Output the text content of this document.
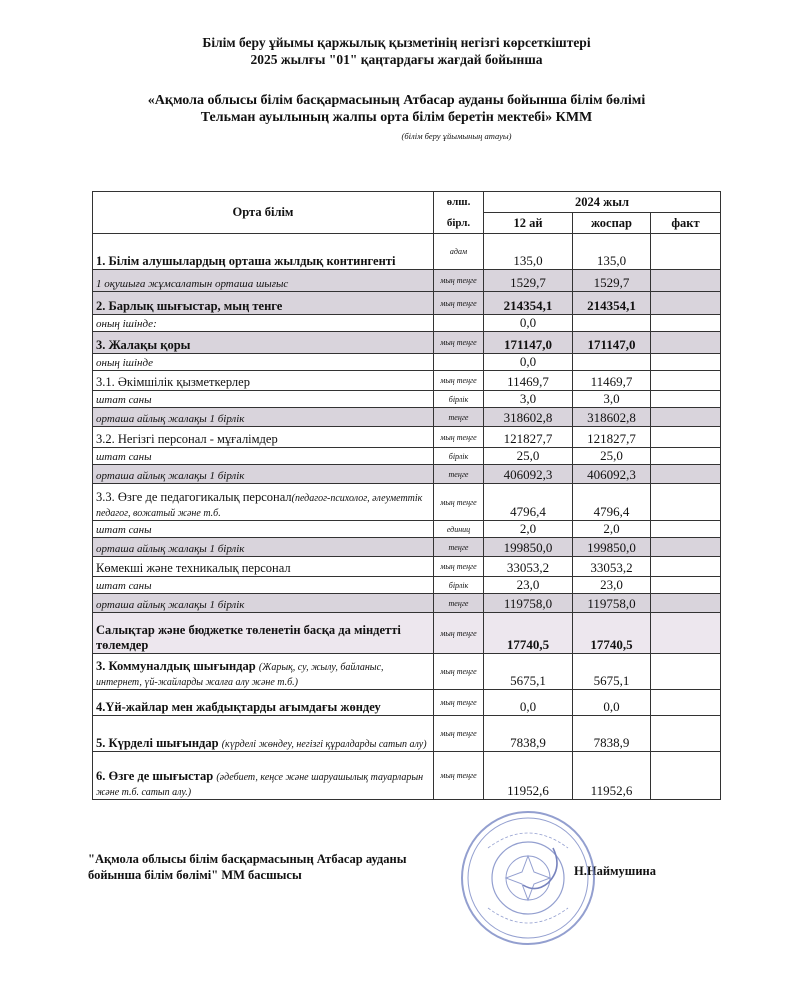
Білім беру ұйымы қаржылық қызметінің негізгі көрсеткіштері
2025 жылғы "01" қаңтардағы жағдай бойынша
«Ақмола облысы білім басқармасының Атбасар ауданы бойынша білім бөлімі
Тельман ауылының жалпы орта білім беретін мектебі» КММ
(білім беру ұйымының атауы)
Орта білім	өлш.	2024 жыл		
	бірл.	12 ай	жоспар	факт
1. Білім алушылардың орташа жылдық контингенті	адам	135,0	135,0	
1 оқушыға жұмсалатын орташа шығыс	мың теңге	1529,7	1529,7	
2. Барлық шығыстар, мың тенге	мың теңге	214354,1	214354,1	
оның ішінде:		0,0		
3. Жалақы қоры	мың теңге	171147,0	171147,0	
оның ішінде		0,0		
3.1. Әкімшілік қызметкерлер	мың теңге	11469,7	11469,7	
штат саны	бірлік	3,0	3,0	
орташа айлық жалақы 1 бірлік	теңге	318602,8	318602,8	
3.2. Негізгі персонал - мұғалімдер	мың теңге	121827,7	121827,7	
штат саны	бірлік	25,0	25,0	
орташа айлық жалақы 1 бірлік	теңге	406092,3	406092,3	
3.3. Өзге де педагогикалық персонал(педагог-психолог, әлеуметтік педагог, вожатый және т.б.	мың теңге	4796,4	4796,4	
штат саны	единиц	2,0	2,0	
орташа айлық жалақы 1 бірлік	теңге	199850,0	199850,0	
Көмекші және техникалық персонал	мың теңге	33053,2	33053,2	
штат саны	бірлік	23,0	23,0	
орташа айлық жалақы 1 бірлік	теңге	119758,0	119758,0	
Салықтар және бюджетке төленетін басқа да міндетті төлемдер	мың теңге	17740,5	17740,5	
3. Коммуналдық шығындар (Жарық, су, жылу, байланыс, интернет, үй-жайларды жалға алу және т.б.)	мың теңге	5675,1	5675,1	
4.Үй-жайлар мен жабдықтарды ағымдағы жөндеу	мың теңге	0,0	0,0	
5. Күрделі шығындар (күрделі жөндеу, негізгі құралдарды сатып алу)	мың теңге	7838,9	7838,9	
6. Өзге де шығыстар (әдебиет, кеңсе және шаруашылық тауарларын және т.б. сатып алу.)	мың теңге	11952,6	11952,6	
"Ақмола облысы білім басқармасының Атбасар ауданы бойынша білім бөлімі" ММ басшысы	Н.Наймушина
